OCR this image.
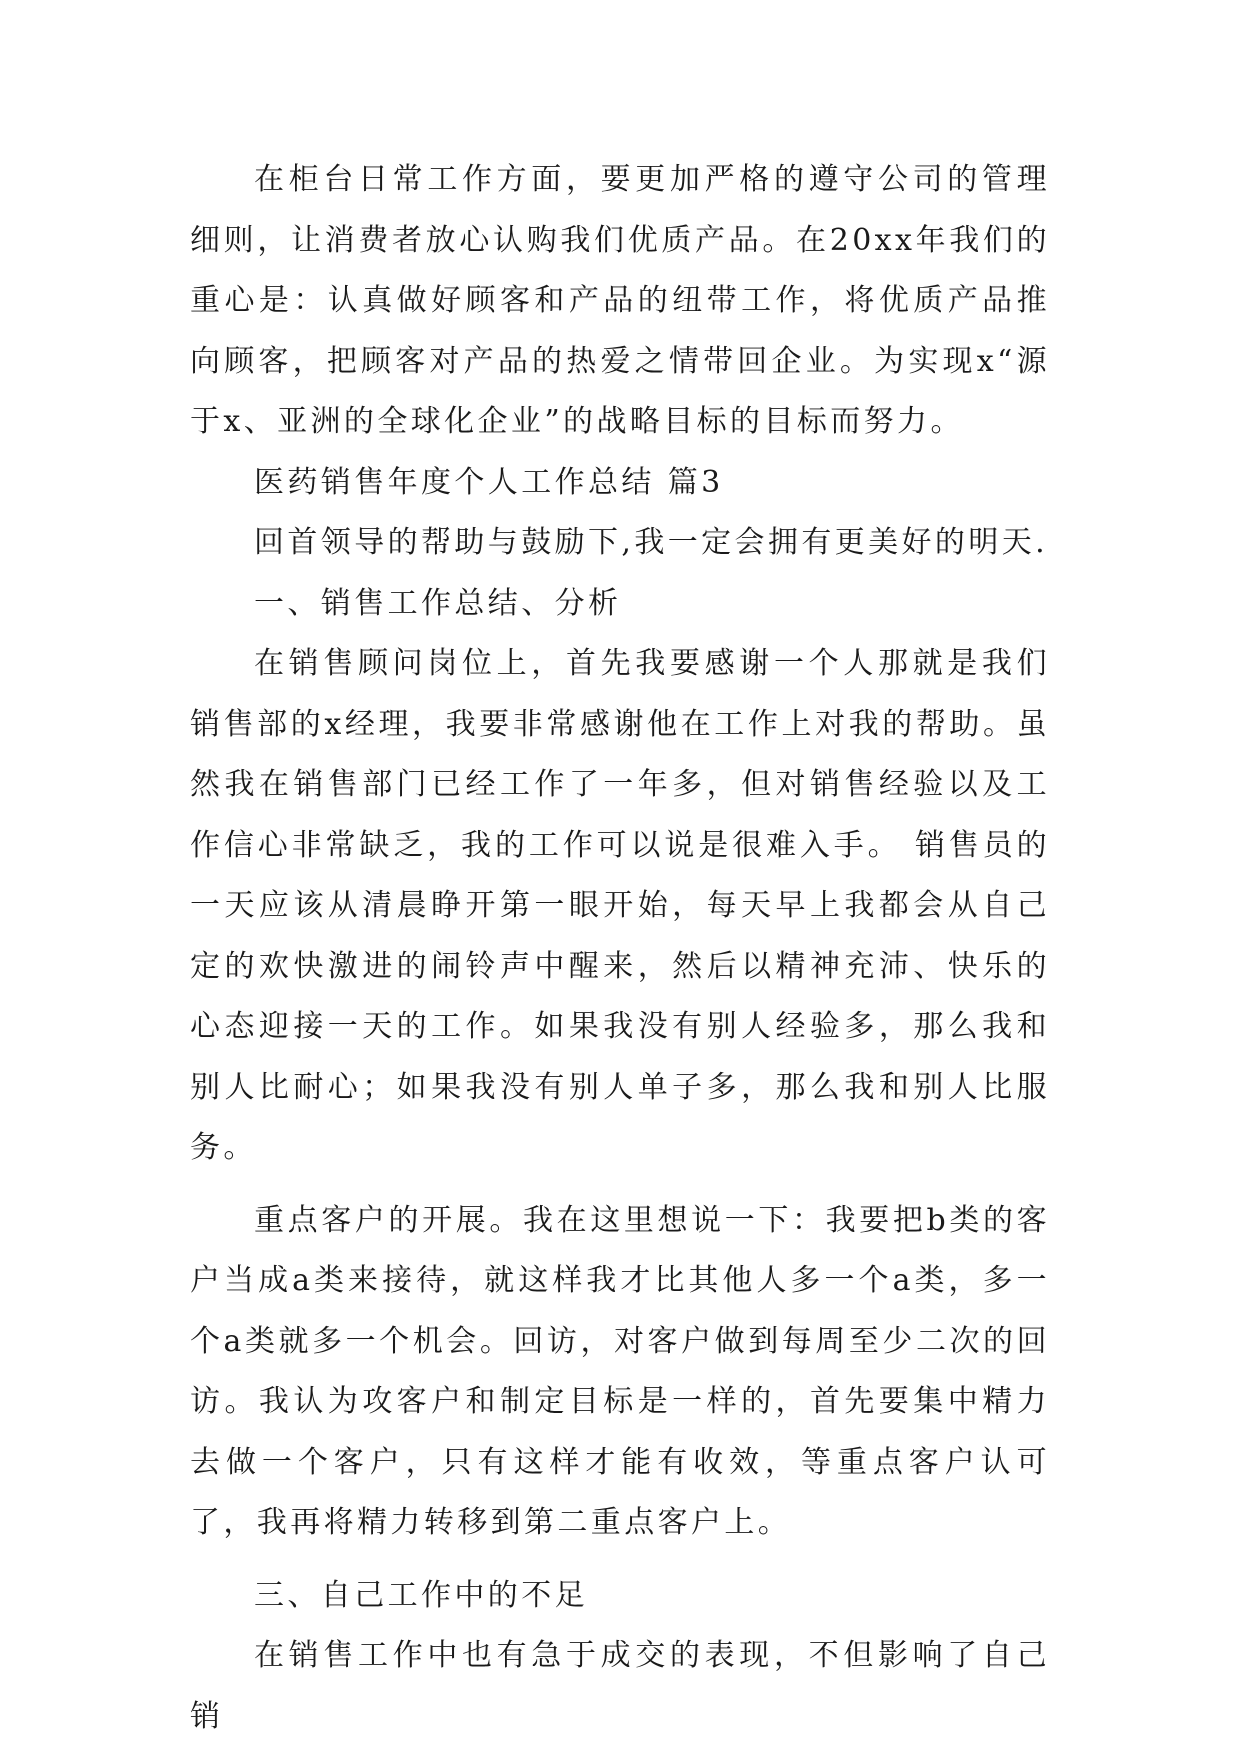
在柜台日常工作方面，要更加严格的遵守公司的管理细则，让消费者放心认购我们优质产品。在20xx年我们的重心是：认真做好顾客和产品的纽带工作，将优质产品推向顾客，把顾客对产品的热爱之情带回企业。为实现x“源于x、亚洲的全球化企业”的战略目标的目标而努力。

医药销售年度个人工作总结 篇3

回首领导的帮助与鼓励下,我一定会拥有更美好的明天.

一、销售工作总结、分析

在销售顾问岗位上，首先我要感谢一个人那就是我们销售部的x经理，我要非常感谢他在工作上对我的帮助。虽然我在销售部门已经工作了一年多，但对销售经验以及工作信心非常缺乏，我的工作可以说是很难入手。 销售员的一天应该从清晨睁开第一眼开始，每天早上我都会从自己定的欢快激进的闹铃声中醒来，然后以精神充沛、快乐的心态迎接一天的工作。如果我没有别人经验多，那么我和别人比耐心；如果我没有别人单子多，那么我和别人比服务。

重点客户的开展。我在这里想说一下：我要把b类的客户当成a类来接待，就这样我才比其他人多一个a类，多一个a类就多一个机会。回访，对客户做到每周至少二次的回访。我认为攻客户和制定目标是一样的，首先要集中精力去做一个客户，只有这样才能有收效，等重点客户认可了，我再将精力转移到第二重点客户上。

三、自己工作中的不足

在销售工作中也有急于成交的表现，不但影响了自己销
